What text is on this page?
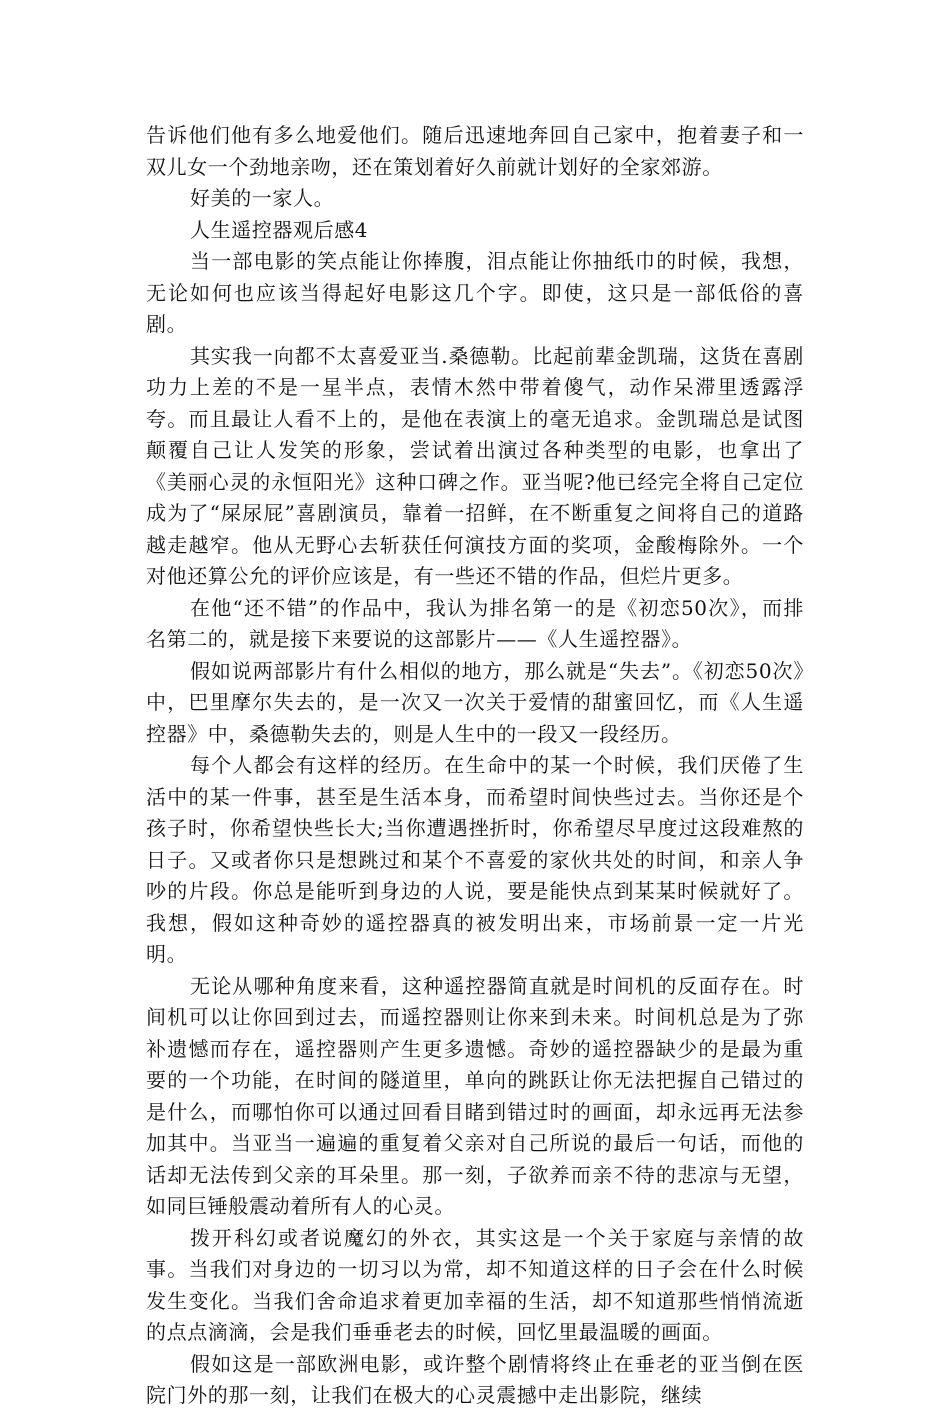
告诉他们他有多么地爱他们。随后迅速地奔回自己家中，抱着妻子和一双儿女一个劲地亲吻，还在策划着好久前就计划好的全家郊游。

好美的一家人。

人生遥控器观后感4

当一部电影的笑点能让你捧腹，泪点能让你抽纸巾的时候，我想，无论如何也应该当得起好电影这几个字。即使，这只是一部低俗的喜剧。

其实我一向都不太喜爱亚当.桑德勒。比起前辈金凯瑞，这货在喜剧功力上差的不是一星半点，表情木然中带着傻气，动作呆滞里透露浮夸。而且最让人看不上的，是他在表演上的毫无追求。金凯瑞总是试图颠覆自己让人发笑的形象，尝试着出演过各种类型的电影，也拿出了《美丽心灵的永恒阳光》这种口碑之作。亚当呢?他已经完全将自己定位成为了“屎尿屁”喜剧演员，靠着一招鲜，在不断重复之间将自己的道路越走越窄。他从无野心去斩获任何演技方面的奖项，金酸梅除外。一个对他还算公允的评价应该是，有一些还不错的作品，但烂片更多。

在他“还不错”的作品中，我认为排名第一的是《初恋50次》，而排名第二的，就是接下来要说的这部影片——《人生遥控器》。

假如说两部影片有什么相似的地方，那么就是“失去”。《初恋50次》中，巴里摩尔失去的，是一次又一次关于爱情的甜蜜回忆，而《人生遥控器》中，桑德勒失去的，则是人生中的一段又一段经历。

每个人都会有这样的经历。在生命中的某一个时候，我们厌倦了生活中的某一件事，甚至是生活本身，而希望时间快些过去。当你还是个孩子时，你希望快些长大;当你遭遇挫折时，你希望尽早度过这段难熬的日子。又或者你只是想跳过和某个不喜爱的家伙共处的时间，和亲人争吵的片段。你总是能听到身边的人说，要是能快点到某某时候就好了。我想，假如这种奇妙的遥控器真的被发明出来，市场前景一定一片光明。

无论从哪种角度来看，这种遥控器简直就是时间机的反面存在。时间机可以让你回到过去，而遥控器则让你来到未来。时间机总是为了弥补遗憾而存在，遥控器则产生更多遗憾。奇妙的遥控器缺少的是最为重要的一个功能，在时间的隧道里，单向的跳跃让你无法把握自己错过的是什么，而哪怕你可以通过回看目睹到错过时的画面，却永远再无法参加其中。当亚当一遍遍的重复着父亲对自己所说的最后一句话，而他的话却无法传到父亲的耳朵里。那一刻，子欲养而亲不待的悲凉与无望，如同巨锤般震动着所有人的心灵。

拨开科幻或者说魔幻的外衣，其实这是一个关于家庭与亲情的故事。当我们对身边的一切习以为常，却不知道这样的日子会在什么时候发生变化。当我们舍命追求着更加幸福的生活，却不知道那些悄悄流逝的点点滴滴，会是我们垂垂老去的时候，回忆里最温暖的画面。

假如这是一部欧洲电影，或许整个剧情将终止在垂老的亚当倒在医院门外的那一刻，让我们在极大的心灵震撼中走出影院，继续
